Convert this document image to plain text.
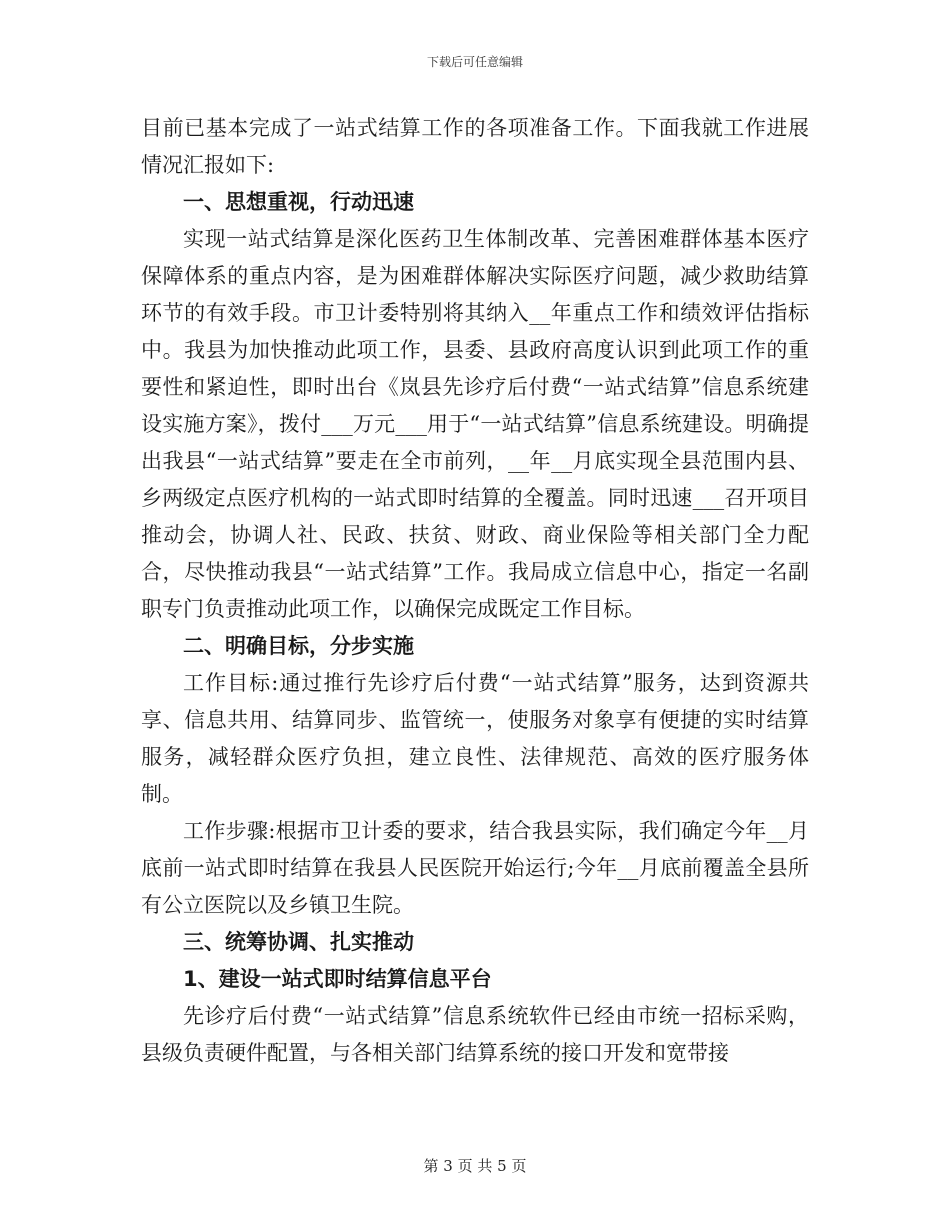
下载后可任意编辑

目前已基本完成了一站式结算工作的各项准备工作。下面我就工作进展情况汇报如下:

一、思想重视，行动迅速

实现一站式结算是深化医药卫生体制改革、完善困难群体基本医疗保障体系的重点内容，是为困难群体解决实际医疗问题，减少救助结算环节的有效手段。市卫计委特别将其纳入__年重点工作和绩效评估指标中。我县为加快推动此项工作，县委、县政府高度认识到此项工作的重要性和紧迫性，即时出台《岚县先诊疗后付费“一站式结算”信息系统建设实施方案》，拨付___万元___用于“一站式结算”信息系统建设。明确提出我县“一站式结算”要走在全市前列，__年__月底实现全县范围内县、乡两级定点医疗机构的一站式即时结算的全覆盖。同时迅速___召开项目推动会，协调人社、民政、扶贫、财政、商业保险等相关部门全力配合，尽快推动我县“一站式结算”工作。我局成立信息中心，指定一名副职专门负责推动此项工作，以确保完成既定工作目标。

二、明确目标，分步实施

工作目标:通过推行先诊疗后付费“一站式结算”服务，达到资源共享、信息共用、结算同步、监管统一，使服务对象享有便捷的实时结算服务，减轻群众医疗负担，建立良性、法律规范、高效的医疗服务体制。

工作步骤:根据市卫计委的要求，结合我县实际，我们确定今年__月底前一站式即时结算在我县人民医院开始运行;今年__月底前覆盖全县所有公立医院以及乡镇卫生院。

三、统筹协调、扎实推动

1、建设一站式即时结算信息平台

先诊疗后付费“一站式结算”信息系统软件已经由市统一招标采购，县级负责硬件配置，与各相关部门结算系统的接口开发和宽带接

第 3 页 共 5 页
